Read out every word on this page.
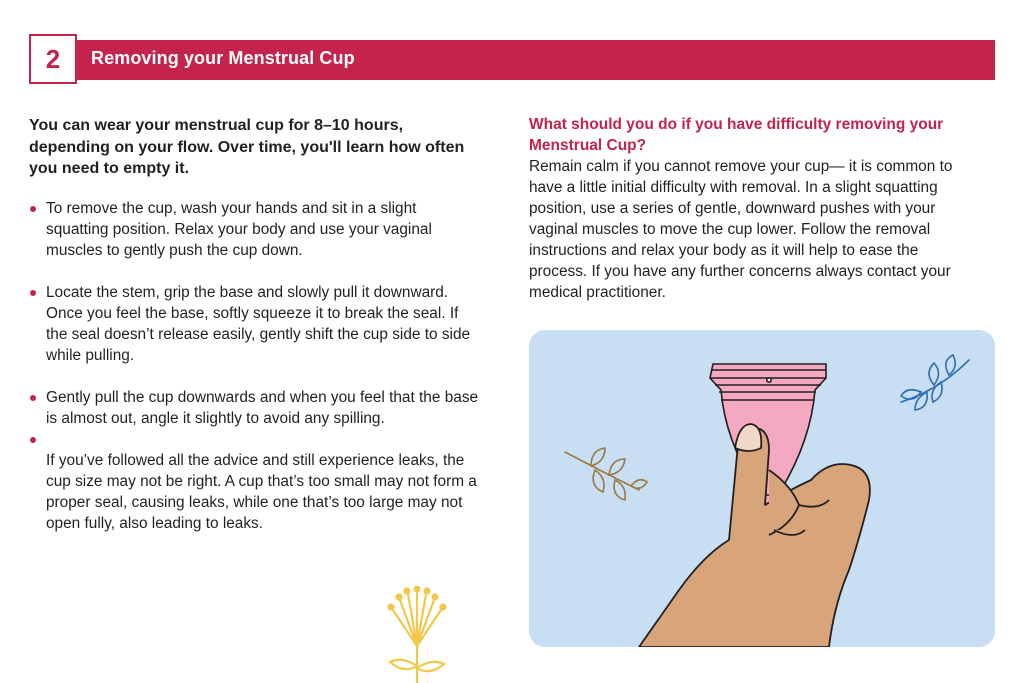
2 Removing your Menstrual Cup

You can wear your menstrual cup for 8–10 hours, depending on your flow. Over time, you'll learn how often you need to empty it.

To remove the cup, wash your hands and sit in a slight squatting position. Relax your body and use your vaginal muscles to gently push the cup down.
Locate the stem, grip the base and slowly pull it downward. Once you feel the base, softly squeeze it to break the seal. If the seal doesn’t release easily, gently shift the cup side to side while pulling.
Gently pull the cup downwards and when you feel that the base is almost out, angle it slightly to avoid any spilling.

If you’ve followed all the advice and still experience leaks, the cup size may not be right. A cup that’s too small may not form a proper seal, causing leaks, while one that’s too large may not open fully, also leading to leaks.

What should you do if you have difficulty removing your Menstrual Cup?

Remain calm if you cannot remove your cup— it is common to have a little initial difficulty with removal. In a slight squatting position, use a series of gentle, downward pushes with your vaginal muscles to move the cup lower. Follow the removal instructions and relax your body as it will help to ease the process. If you have any further concerns always contact your medical practitioner.
